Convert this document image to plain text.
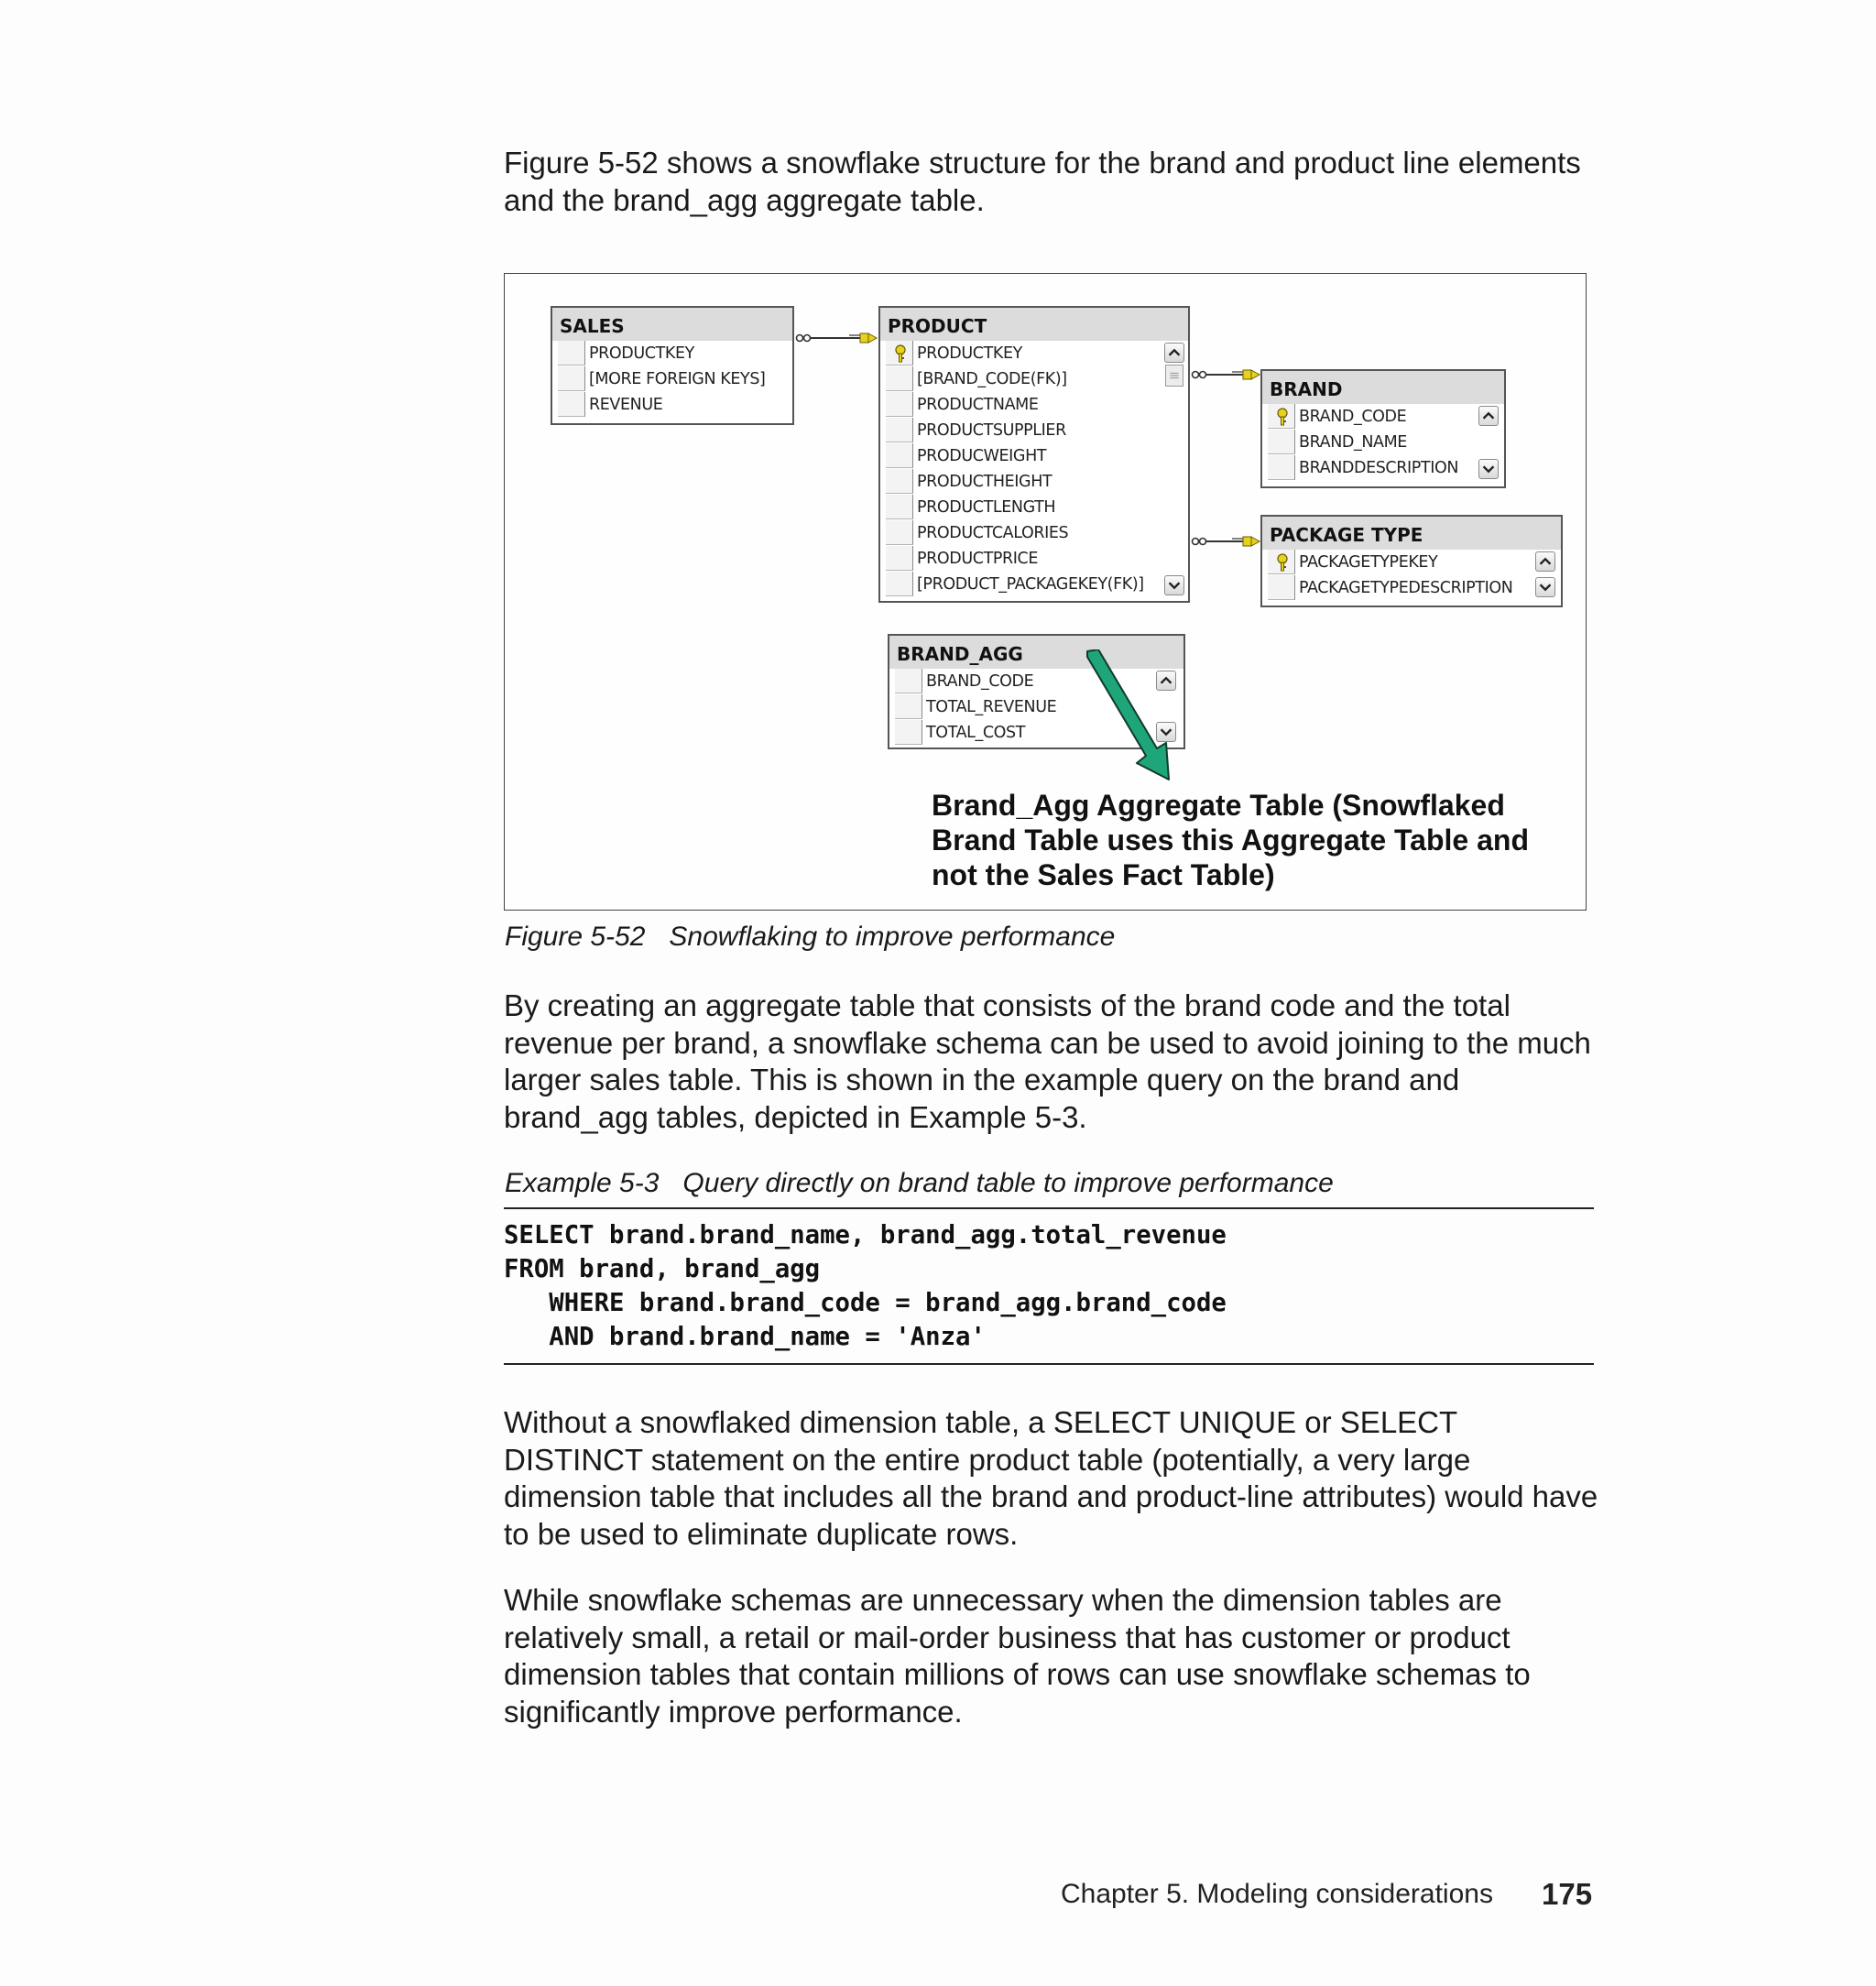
Figure 5-52 shows a snowflake structure for the brand and product line elements and the brand_agg aggregate table.

SALES
PRODUCTKEY
[MORE FOREIGN KEYS]
REVENUE
PRODUCT
PRODUCTKEY
[BRAND_CODE(FK)]
PRODUCTNAME
PRODUCTSUPPLIER
PRODUCWEIGHT
PRODUCTHEIGHT
PRODUCTLENGTH
PRODUCTCALORIES
PRODUCTPRICE
[PRODUCT_PACKAGEKEY(FK)]
BRAND
BRAND_CODE
BRAND_NAME
BRANDDESCRIPTION
PACKAGE TYPE
PACKAGETYPEKEY
PACKAGETYPEDESCRIPTION
BRAND_AGG
BRAND_CODE
TOTAL_REVENUE
TOTAL_COST

Brand_Agg Aggregate Table (Snowflaked Brand Table uses this Aggregate Table and not the Sales Fact Table)

Figure 5-52 Snowflaking to improve performance

By creating an aggregate table that consists of the brand code and the total revenue per brand, a snowflake schema can be used to avoid joining to the much larger sales table. This is shown in the example query on the brand and brand_agg tables, depicted in Example 5-3.

Example 5-3 Query directly on brand table to improve performance

SELECT brand.brand_name, brand_agg.total_revenue
FROM brand, brand_agg
WHERE brand.brand_code = brand_agg.brand_code
AND brand.brand_name = 'Anza'

Without a snowflaked dimension table, a SELECT UNIQUE or SELECT DISTINCT statement on the entire product table (potentially, a very large dimension table that includes all the brand and product-line attributes) would have to be used to eliminate duplicate rows.

While snowflake schemas are unnecessary when the dimension tables are relatively small, a retail or mail-order business that has customer or product dimension tables that contain millions of rows can use snowflake schemas to significantly improve performance.

Chapter 5. Modeling considerations 175
